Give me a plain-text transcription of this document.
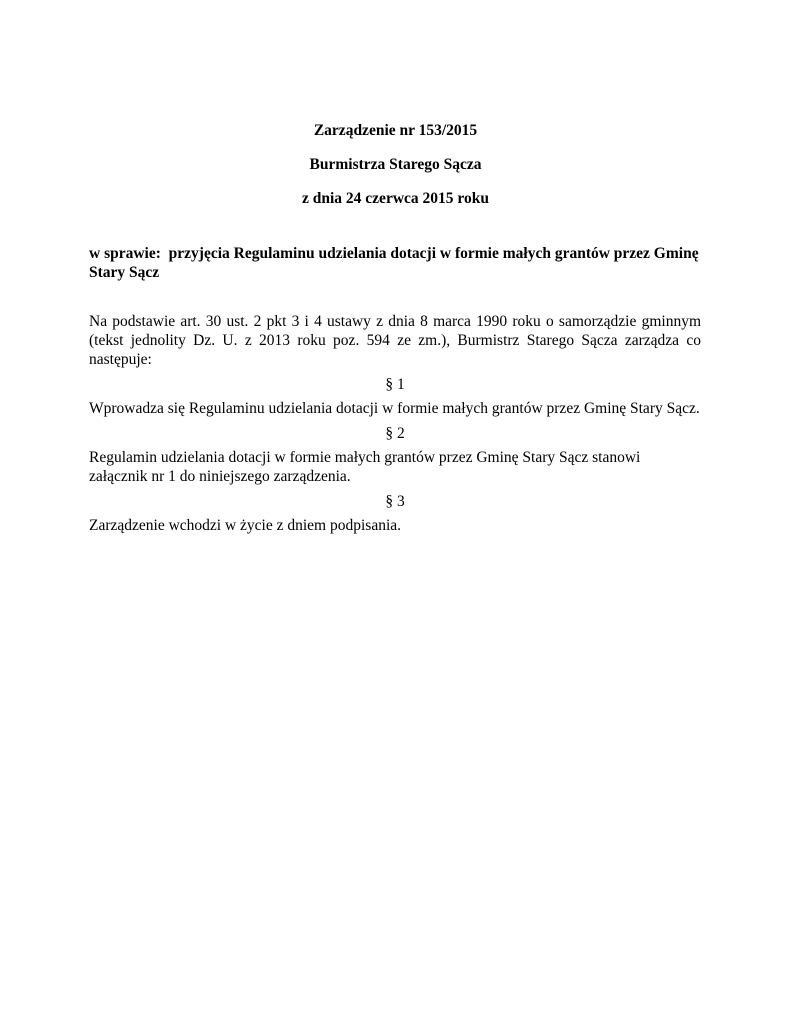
Zarządzenie nr 153/2015

Burmistrza Starego Sącza

z dnia 24 czerwca 2015 roku

w sprawie:  przyjęcia Regulaminu udzielania dotacji w formie małych grantów przez Gminę Stary Sącz

Na podstawie art. 30 ust. 2 pkt 3 i 4 ustawy z dnia 8 marca 1990 roku o samorządzie gminnym (tekst jednolity Dz. U. z 2013 roku poz. 594 ze zm.), Burmistrz Starego Sącza zarządza co następuje:

§ 1

Wprowadza się Regulaminu udzielania dotacji w formie małych grantów przez Gminę Stary Sącz.

§ 2

Regulamin udzielania dotacji w formie małych grantów przez Gminę Stary Sącz stanowi załącznik nr 1 do niniejszego zarządzenia.

§ 3

Zarządzenie wchodzi w życie z dniem podpisania.
